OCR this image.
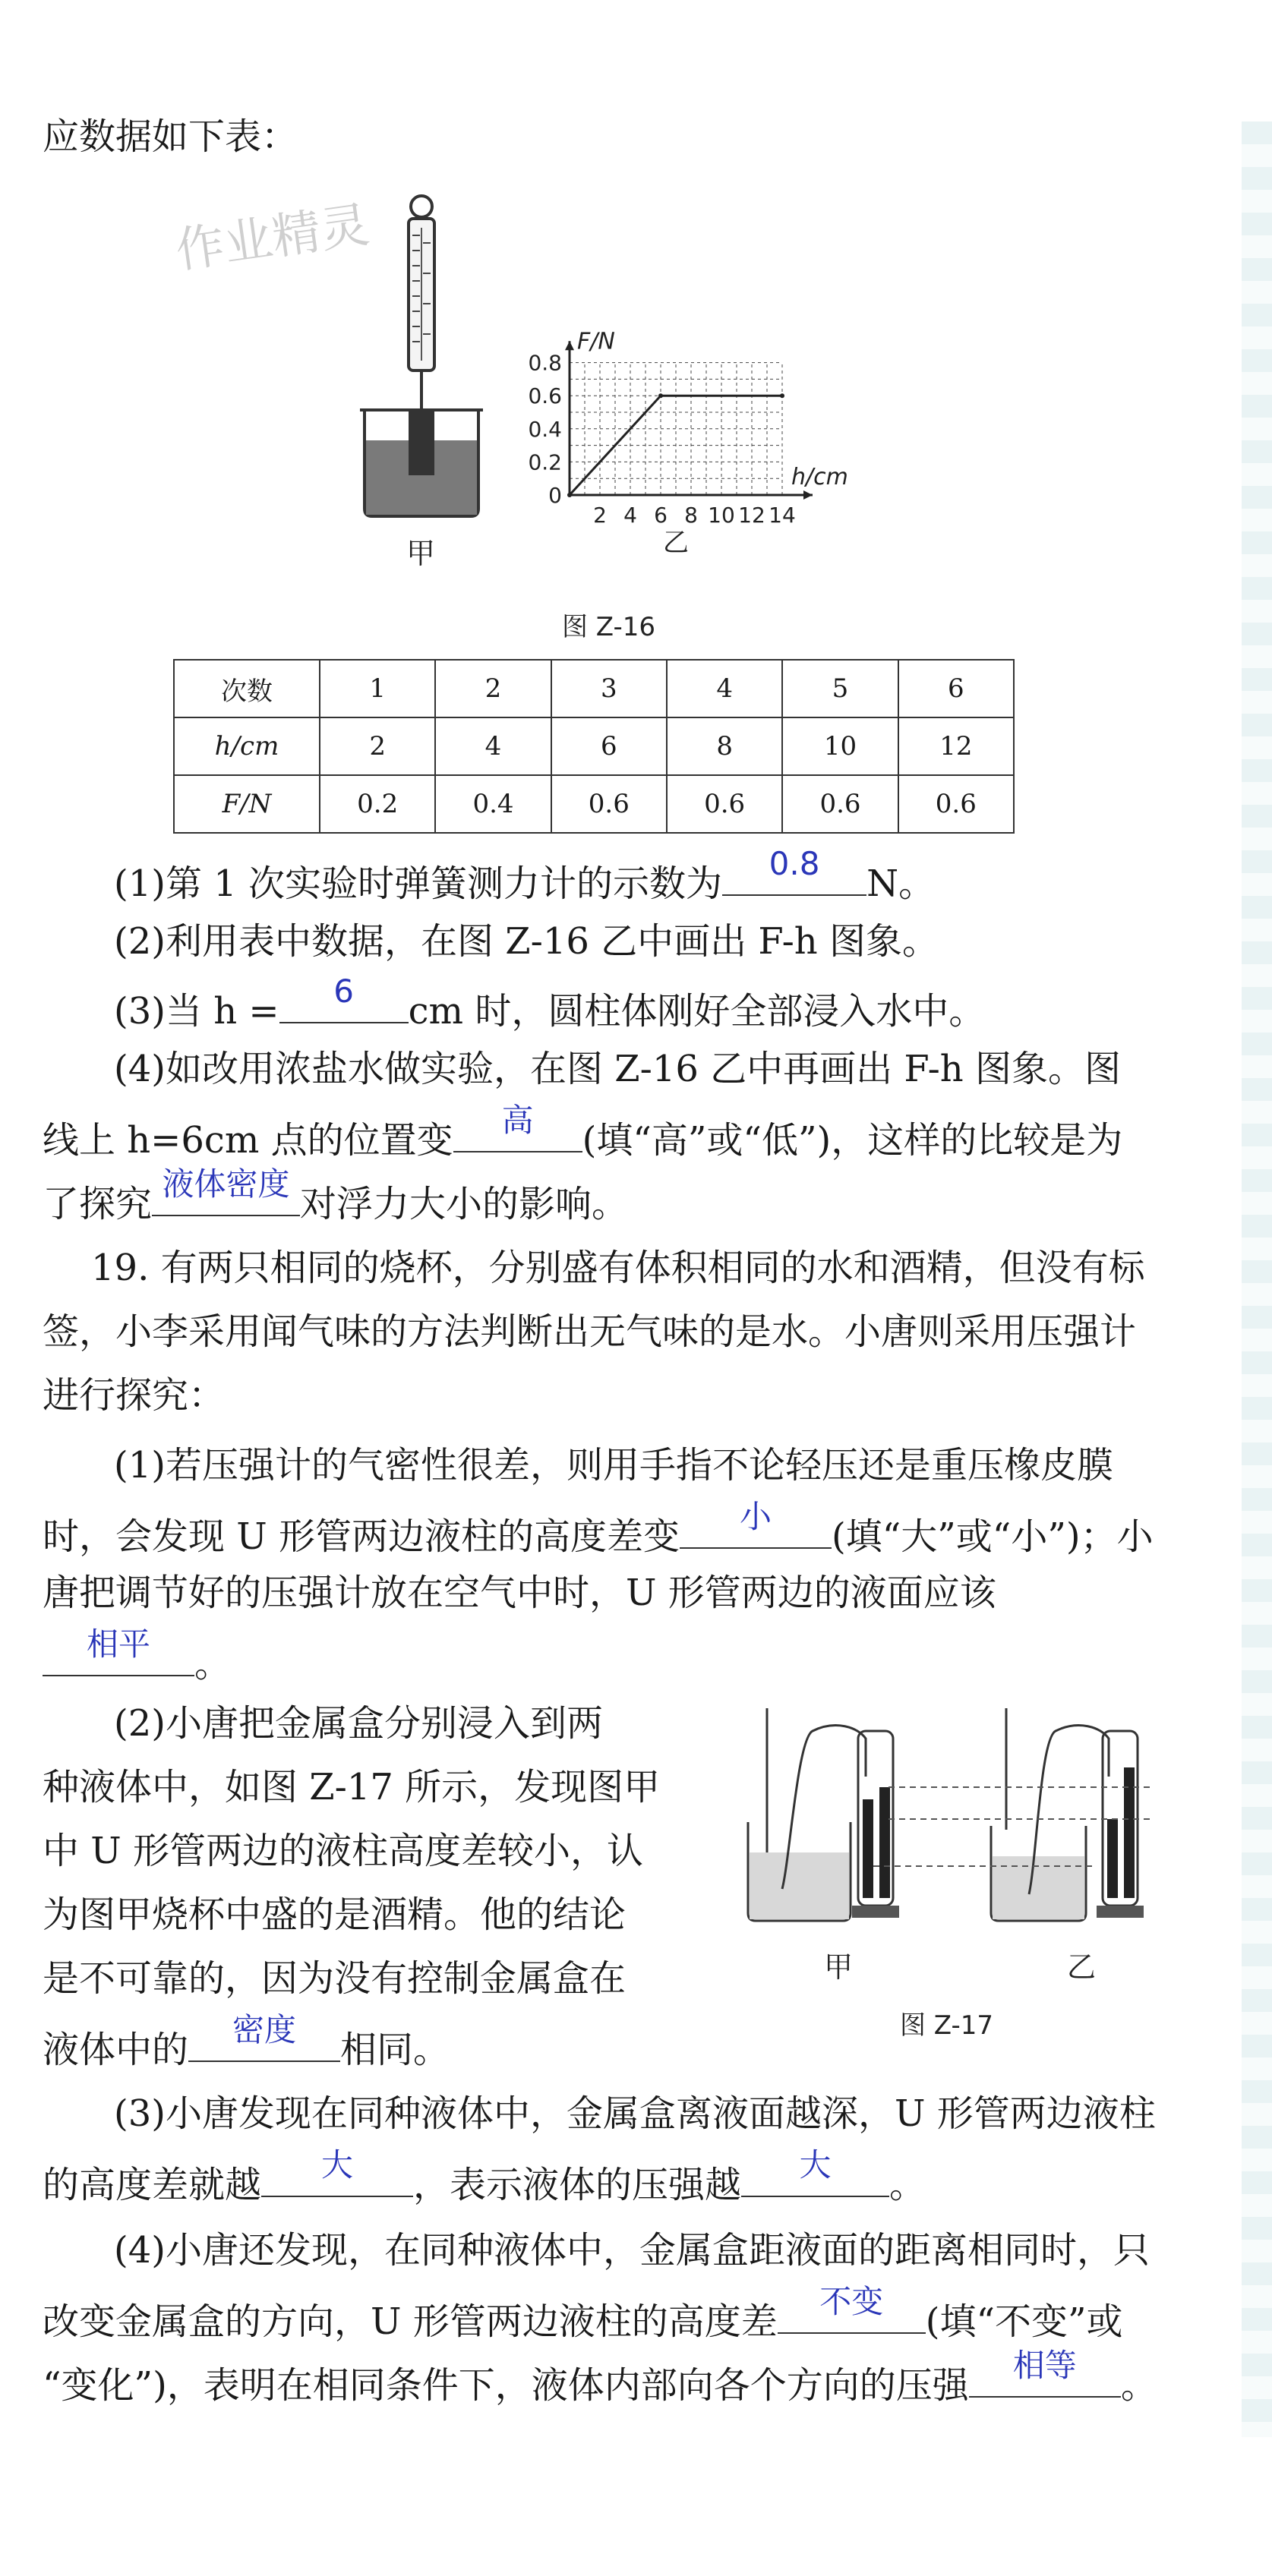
应数据如下表：
作业精灵
甲
0.8
0.6
0.4
0.2
0
2 4 6 8 10 12 14
F/N
h/cm
乙
图 Z-16
次数	1	2	3	4	5	6
h/cm	2	4	6	8	10	12
F/N	0.2	0.4	0.6	0.6	0.6	0.6
(1)第 1 次实验时弹簧测力计的示数为	0.8	N。
(2)利用表中数据，在图 Z-16 乙中画出 F-h 图象。
(3)当 h =	6	cm 时，圆柱体刚好全部浸入水中。
(4)如改用浓盐水做实验，在图 Z-16 乙中再画出 F-h 图象。图
线上 h=6cm 点的位置变	高	(填“高”或“低”)，这样的比较是为
了探究 液体密度 对浮力大小的影响。
19. 有两只相同的烧杯，分别盛有体积相同的水和酒精，但没有标
签，小李采用闻气味的方法判断出无气味的是水。小唐则采用压强计
进行探究：
(1)若压强计的气密性很差，则用手指不论轻压还是重压橡皮膜
时，会发现 U 形管两边液柱的高度差变	小	(填“大”或“小”)；小
唐把调节好的压强计放在空气中时，U 形管两边的液面应该
相平	。
(2)小唐把金属盒分别浸入到两
种液体中，如图 Z-17 所示，发现图甲
中 U 形管两边的液柱高度差较小，认
为图甲烧杯中盛的是酒精。他的结论
是不可靠的，因为没有控制金属盒在
液体中的	密度	相同。
甲	乙
图 Z-17
(3)小唐发现在同种液体中，金属盒离液面越深，U 形管两边液柱
的高度差就越	大	，表示液体的压强越	大	。
(4)小唐还发现，在同种液体中，金属盒距液面的距离相同时，只
改变金属盒的方向，U 形管两边液柱的高度差	不变	(填“不变”或
“变化”)，表明在相同条件下，液体内部向各个方向的压强	相等	。
